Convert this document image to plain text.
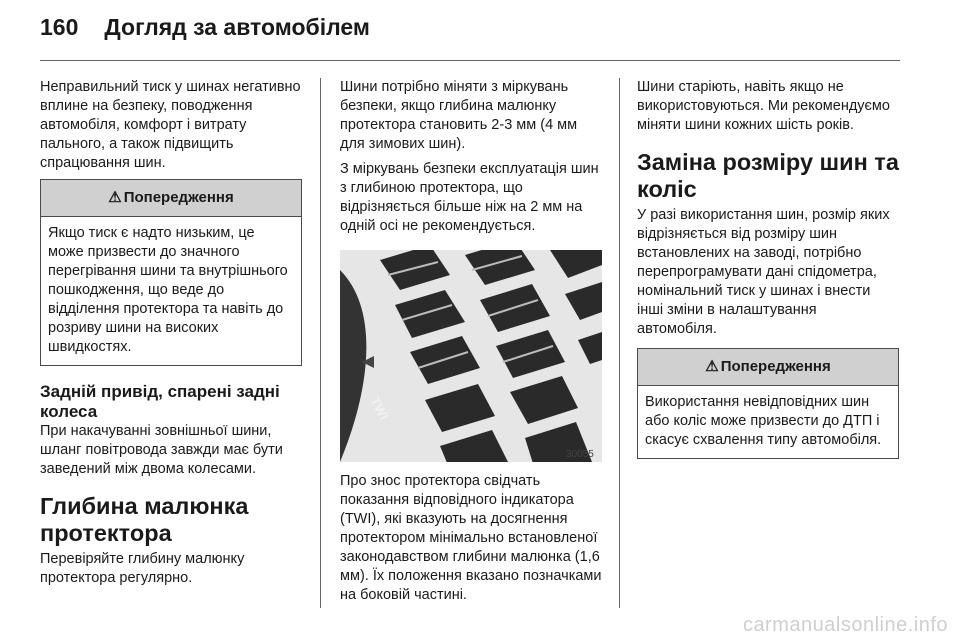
160 Догляд за автомобілем

Неправильний тиск у шинах негативно вплине на безпеку, поводження автомобіля, комфорт і витрату пального, а також підвищить спрацювання шин.

⚠ Попередження
Якщо тиск є надто низьким, це може призвести до значного перегрівання шини та внутрішнього пошкодження, що веде до відділення протектора та навіть до розриву шини на високих швидкостях.
Задній привід, спарені задні колеса

При накачуванні зовнішньої шини, шланг повітровода завжди має бути заведений між двома колесами.

Глибина малюнка протектора

Перевіряйте глибину малюнку протектора регулярно.

Шини потрібно міняти з міркувань безпеки, якщо глибина малюнку протектора становить 2-3 мм (4 мм для зимових шин).

З міркувань безпеки експлуатація шин з глибиною протектора, що відрізняється більше ніж на 2 мм на одній осі не рекомендується.

TWI
30055

Про знос протектора свідчать показання відповідного індикатора (TWI), які вказують на досягнення протектором мінімально встановленої законодавством глибини малюнка (1,6 мм). Їх положення вказано позначками на боковій частині.

Шини старіють, навіть якщо не використовуються. Ми рекомендуємо міняти шини кожних шість років.

Заміна розміру шин та коліс

У разі використання шин, розмір яких відрізняється від розміру шин встановлених на заводі, потрібно перепрограмувати дані спідометра, номінальний тиск у шинах і внести інші зміни в налаштування автомобіля.

⚠ Попередження
Використання невідповідних шин або коліс може призвести до ДТП і скасує схвалення типу автомобіля.
carmanualsonline.info
